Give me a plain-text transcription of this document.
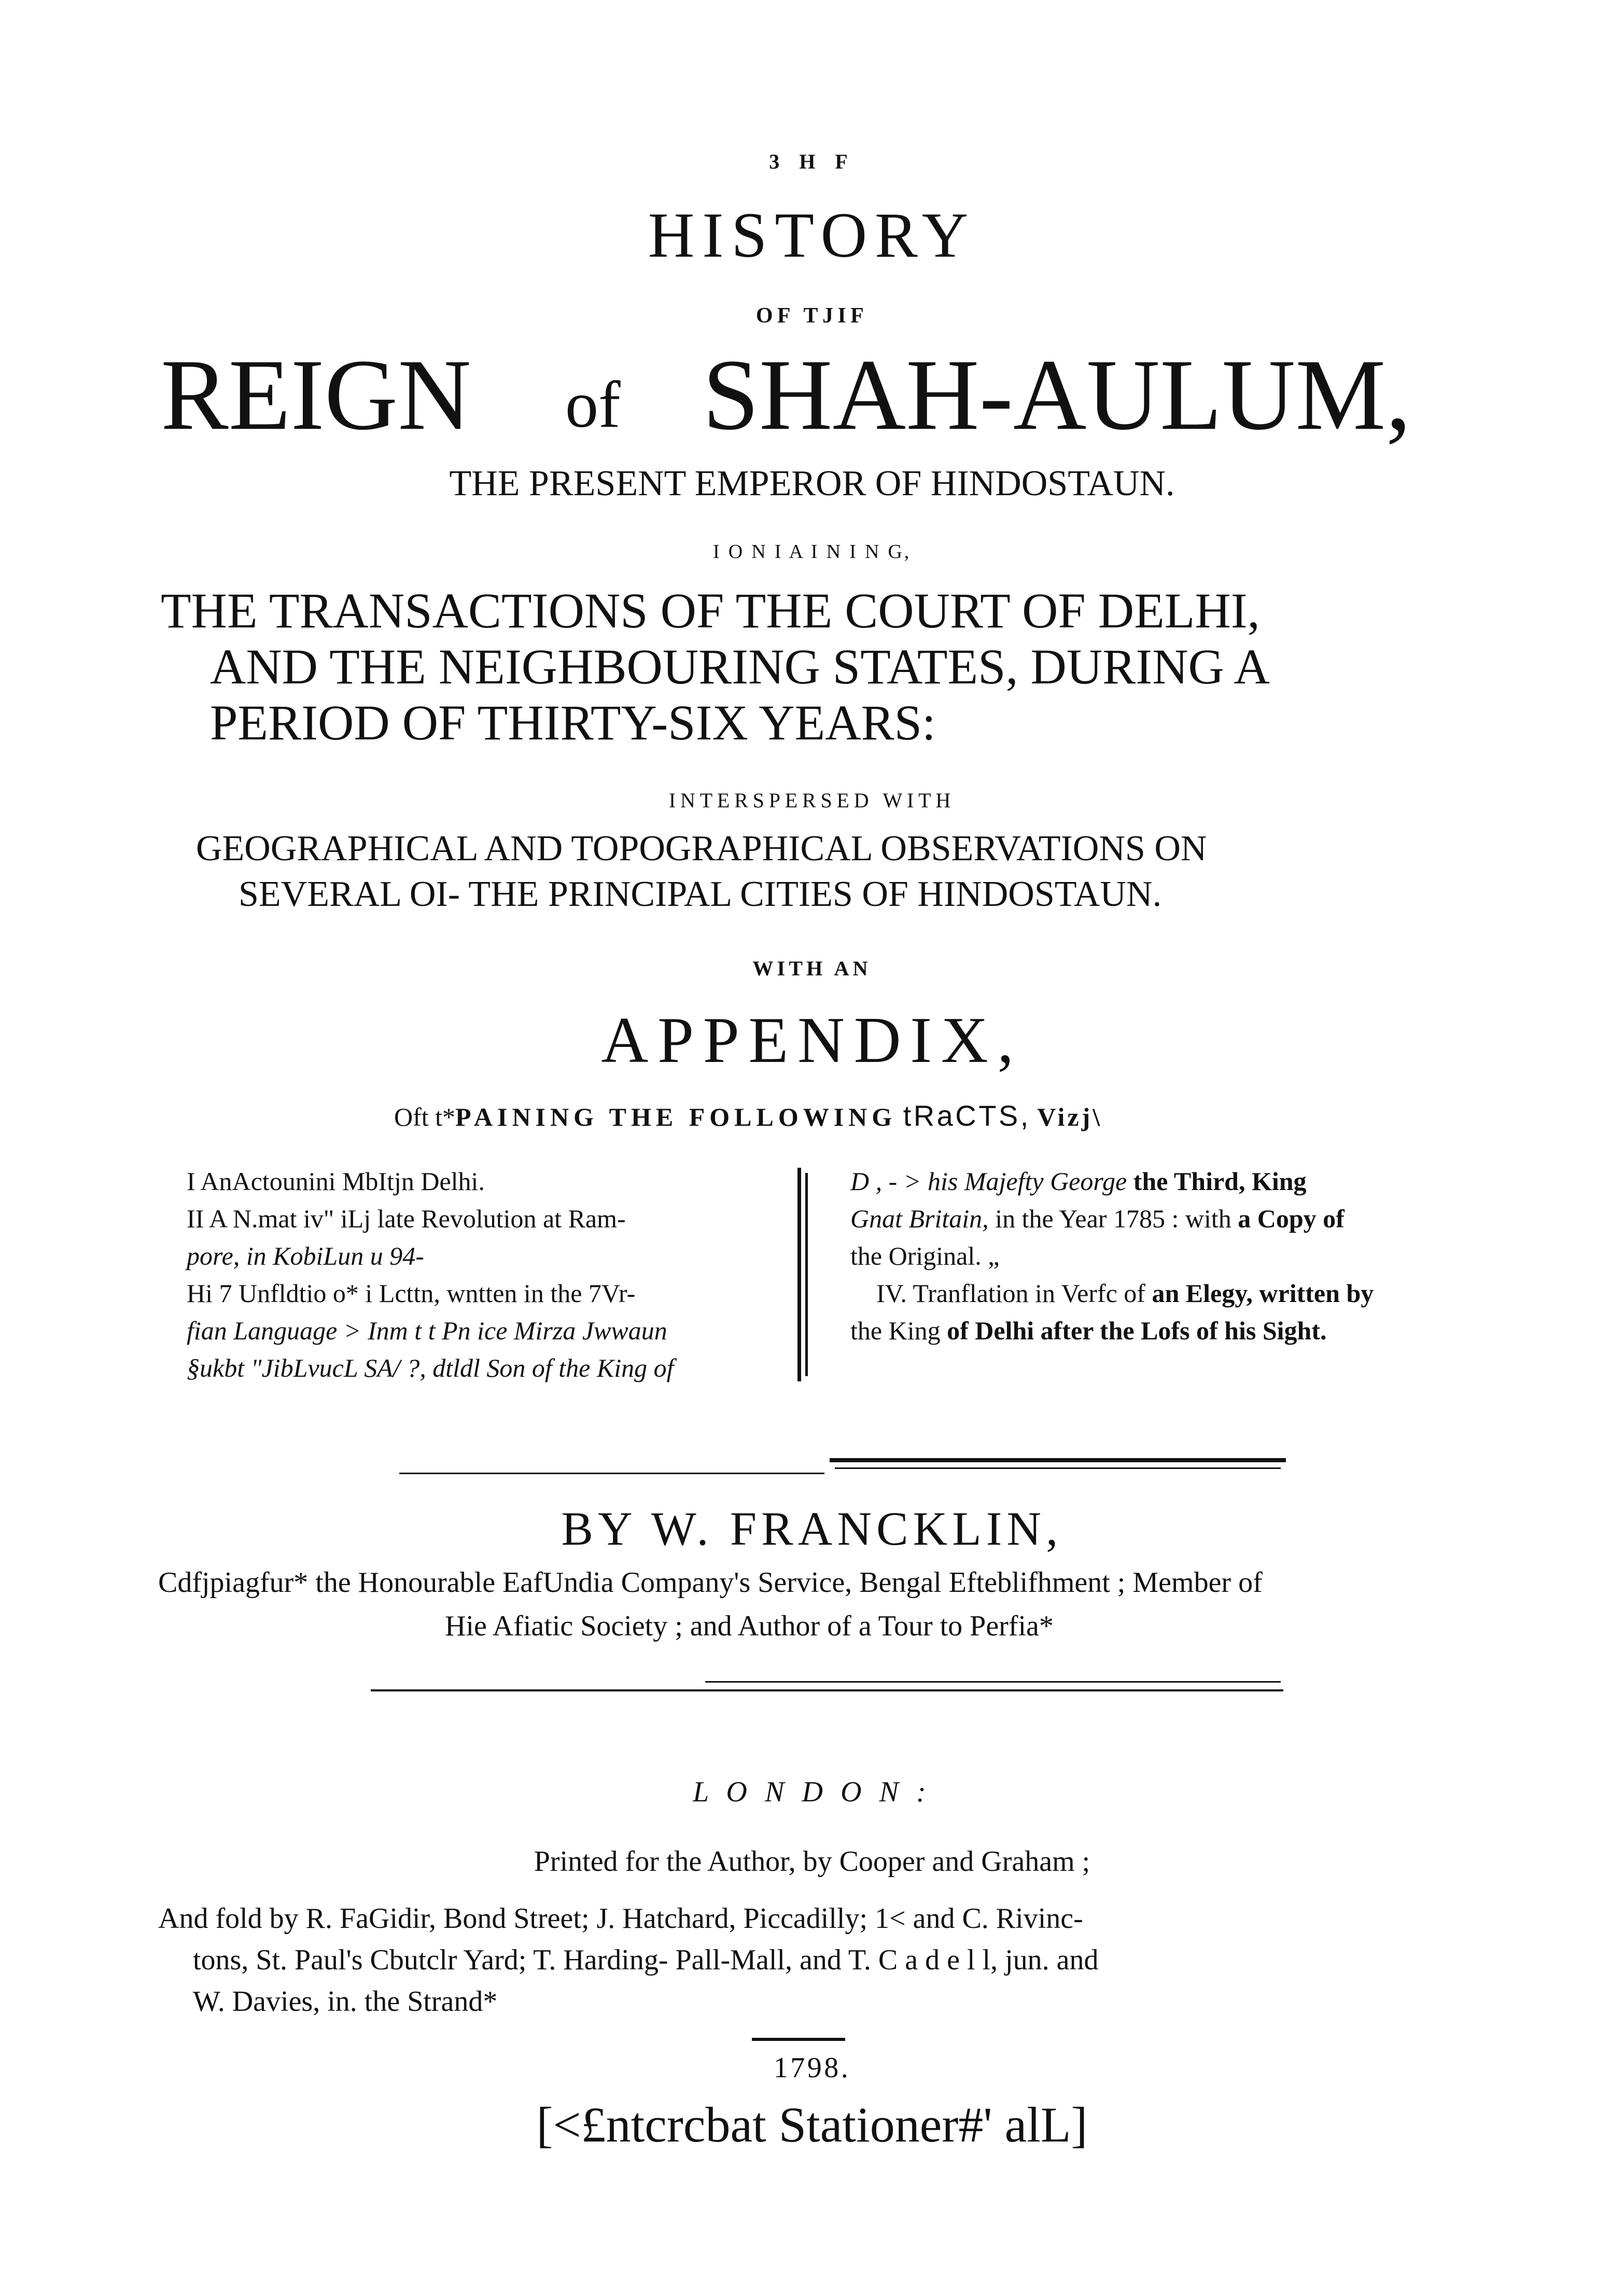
3 H F
HISTORY
OF TJIF
REIGN of SHAH-AULUM,
THE PRESENT EMPEROR OF HINDOSTAUN.
I O N I A I N I N G,
THE TRANSACTIONS OF THE COURT OF DELHI,
AND THE NEIGHBOURING STATES, DURING A
PERIOD OF THIRTY-SIX YEARS:
INTERSPERSED WITH
GEOGRAPHICAL AND TOPOGRAPHICAL OBSERVATIONS ON
SEVERAL OI- THE PRINCIPAL CITIES OF HINDOSTAUN.
WITH AN
APPENDIX,
Oft t*PAINING THE FOLLOWING tRaCTS, Vizj\

I AnActounini MbItjn Delhi.

II A N.mat iv" iLj late Revolution at Ram-

pore, in KobiLun u 94-

Hi 7 Unfldtio o* i Lcttn, wntten in the 7Vr-

fian Language > Inm t t Pn ice Mirza Jwwaun

§ukbt "JibLvucL SA/ ?, dtldl Son of the King of

D , - > his Majefty George the Third, King

Gnat Britain, in the Year 1785 : with a Copy of

the Original. „

IV. Tranflation in Verfc of an Elegy, written by

the King of Delhi after the Lofs of his Sight.

BY W. FRANCKLIN,
Cdfjpiagfur* the Honourable EafUndia Company's Service, Bengal Efteblifhment ; Member of
Hie Afiatic Society ; and Author of a Tour to Perfia*
L O N D O N :
Printed for the Author, by Cooper and Graham ;
And fold by R. FaGidir, Bond Street; J. Hatchard, Piccadilly; 1< and C. Rivinc-
tons, St. Paul's Cbutclr Yard; T. Harding- Pall-Mall, and T. C a d e l l, jun. and
W. Davies, in. the Strand*
1798.
[<£ntcrcbat Stationer#' alL]
